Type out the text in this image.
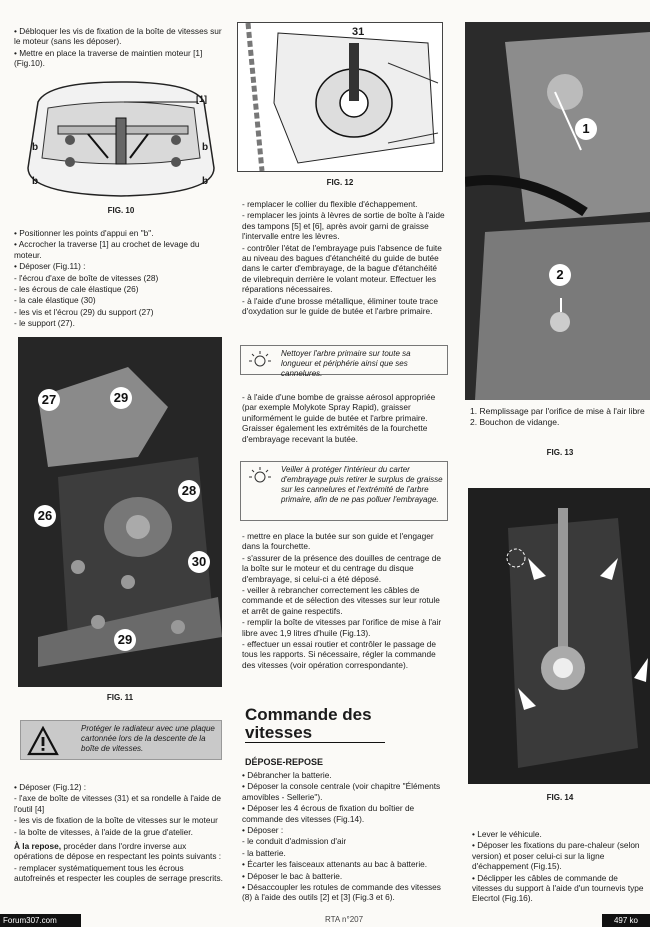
• Débloquer les vis de fixation de la boîte de vitesses sur le moteur (sans les déposer).

• Mettre en place la traverse de maintien moteur [1] (Fig.10).

[1]
b	b
b	b
FIG. 10

• Positionner les points d'appui en "b".

• Accrocher la traverse [1] au crochet de levage du moteur.

• Déposer (Fig.11) :

- l'écrou d'axe de boîte de vitesses (28)

- les écrous de cale élastique (26)

- la cale élastique (30)

- les vis et l'écrou (29) du support (27)

- le support (27).

27	29
28
26
30
29
FIG. 11
Protéger le radiateur avec une plaque cartonnée lors de la descente de la boîte de vitesses.

• Déposer (Fig.12) :

- l'axe de boîte de vitesses (31) et sa rondelle à l'aide de l'outil [4]

- les vis de fixation de la boîte de vitesses sur le moteur

- la boîte de vitesses, à l'aide de la grue d'atelier.

À la repose, procéder dans l'ordre inverse aux opérations de dépose en respectant les points suivants :

- remplacer systématiquement tous les écrous autofreinés et respecter les couples de serrage prescrits.

31
FIG. 12

- remplacer le collier du flexible d'échappement.

- remplacer les joints à lèvres de sortie de boîte à l'aide des tampons [5] et [6], après avoir garni de graisse l'intervalle entre les lèvres.

- contrôler l'état de l'embrayage puis l'absence de fuite au niveau des bagues d'étanchéité du guide de butée dans le carter d'embrayage, de la bague d'étanchéité de vilebrequin derrière le volant moteur. Effectuer les réparations nécessaires.

- à l'aide d'une brosse métallique, éliminer toute trace d'oxydation sur le guide de butée et l'arbre primaire.

Nettoyer l'arbre primaire sur toute sa longueur et périphérie ainsi que ses cannelures.

- à l'aide d'une bombe de graisse aérosol appropriée (par exemple Molykote Spray Rapid), graisser uniformément le guide de butée et l'arbre primaire. Graisser également les extrémités de la fourchette d'embrayage recevant la butée.

Veiller à protéger l'intérieur du carter d'embrayage puis retirer le surplus de graisse sur les cannelures et l'extrémité de l'arbre primaire, afin de ne pas polluer l'embrayage.

- mettre en place la butée sur son guide et l'engager dans la fourchette.

- s'assurer de la présence des douilles de centrage de la boîte sur le moteur et du centrage du disque d'embrayage, si celui-ci a été déposé.

- veiller à rebrancher correctement les câbles de commande et de sélection des vitesses sur leur rotule et arrêt de gaine respectifs.

- remplir la boîte de vitesses par l'orifice de mise à l'air libre avec 1,9 litres d'huile (Fig.13).

- effectuer un essai routier et contrôler le passage de tous les rapports. Si nécessaire, régler la commande des vitesses (voir opération correspondante).

Commande des vitesses
DÉPOSE-REPOSE

• Débrancher la batterie.

• Déposer la console centrale (voir chapitre "Éléments amovibles - Sellerie").

• Déposer les 4 écrous de fixation du boîtier de commande des vitesses (Fig.14).

• Déposer :

- le conduit d'admission d'air

- la batterie.

• Écarter les faisceaux attenants au bac à batterie.

• Déposer le bac à batterie.

• Désaccoupler les rotules de commande des vitesses (8) à l'aide des outils [2] et [3] (Fig.3 et 6).

1
2

1. Remplissage par l'orifice de mise à l'air libre

2. Bouchon de vidange.

FIG. 13
FIG. 14

• Lever le véhicule.

• Déposer les fixations du pare-chaleur (selon version) et poser celui-ci sur la ligne d'échappement (Fig.15).

• Déclipper les câbles de commande de vitesses du support à l'aide d'un tournevis type Elecrtol (Fig.16).

Forum307.com	RTA n°207	497 ko
